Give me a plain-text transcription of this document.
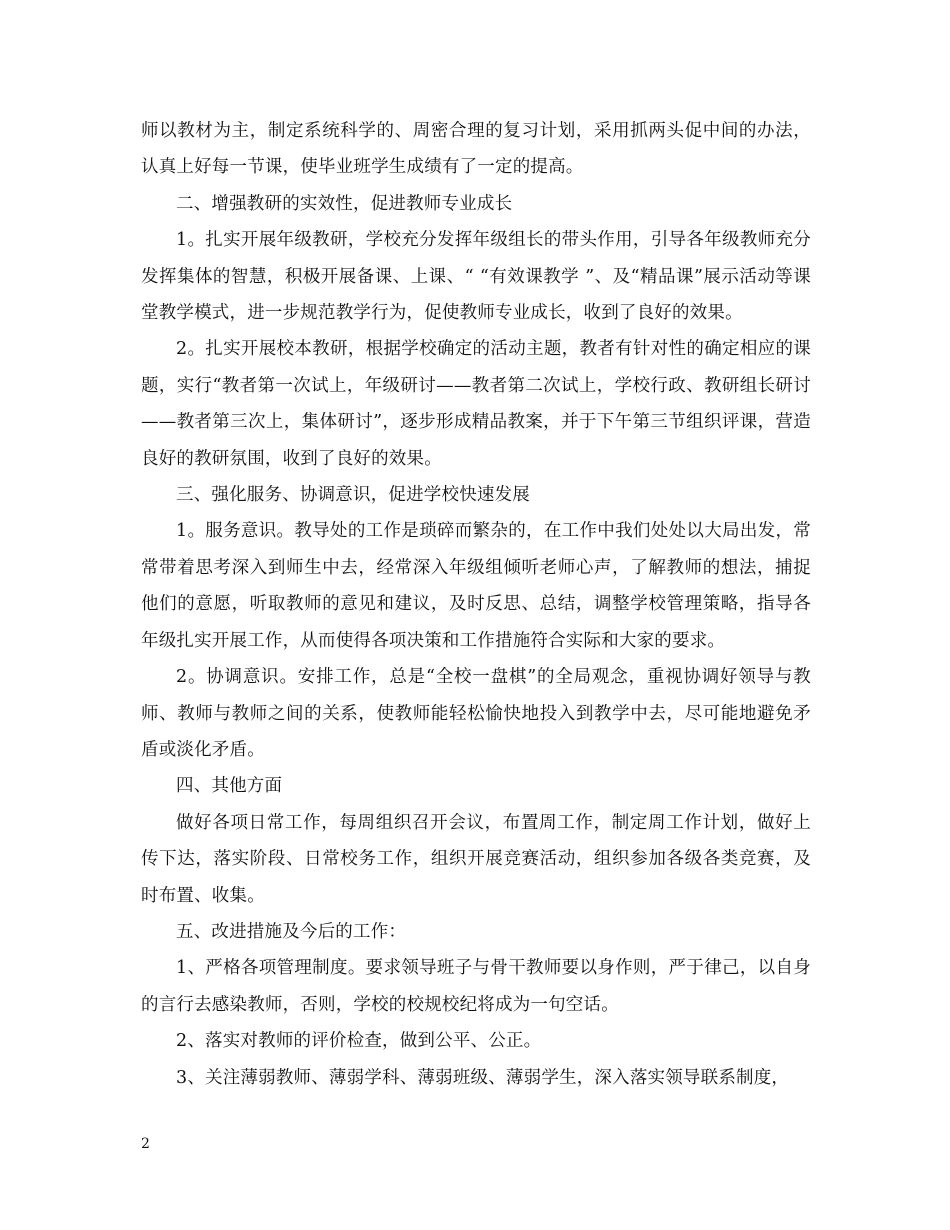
师以教材为主，制定系统科学的、周密合理的复习计划，采用抓两头促中间的办法，认真上好每一节课，使毕业班学生成绩有了一定的提高。

二、增强教研的实效性，促进教师专业成长

1。扎实开展年级教研，学校充分发挥年级组长的带头作用，引导各年级教师充分发挥集体的智慧，积极开展备课、上课、“ “有效课教学 ”、及“精品课”展示活动等课堂教学模式，进一步规范教学行为，促使教师专业成长，收到了良好的效果。

2。扎实开展校本教研，根据学校确定的活动主题，教者有针对性的确定相应的课题，实行“教者第一次试上，年级研讨——教者第二次试上，学校行政、教研组长研讨——教者第三次上，集体研讨”，逐步形成精品教案，并于下午第三节组织评课，营造良好的教研氛围，收到了良好的效果。

三、强化服务、协调意识，促进学校快速发展

1。服务意识。教导处的工作是琐碎而繁杂的，在工作中我们处处以大局出发，常常带着思考深入到师生中去，经常深入年级组倾听老师心声，了解教师的想法，捕捉他们的意愿，听取教师的意见和建议，及时反思、总结，调整学校管理策略，指导各年级扎实开展工作，从而使得各项决策和工作措施符合实际和大家的要求。

2。协调意识。安排工作，总是“全校一盘棋”的全局观念，重视协调好领导与教师、教师与教师之间的关系，使教师能轻松愉快地投入到教学中去，尽可能地避免矛盾或淡化矛盾。

四、其他方面

做好各项日常工作，每周组织召开会议，布置周工作，制定周工作计划，做好上传下达，落实阶段、日常校务工作，组织开展竞赛活动，组织参加各级各类竞赛，及时布置、收集。

五、改进措施及今后的工作：

1、严格各项管理制度。要求领导班子与骨干教师要以身作则，严于律己，以自身的言行去感染教师，否则，学校的校规校纪将成为一句空话。

2、落实对教师的评价检查，做到公平、公正。

3、关注薄弱教师、薄弱学科、薄弱班级、薄弱学生，深入落实领导联系制度，

2
